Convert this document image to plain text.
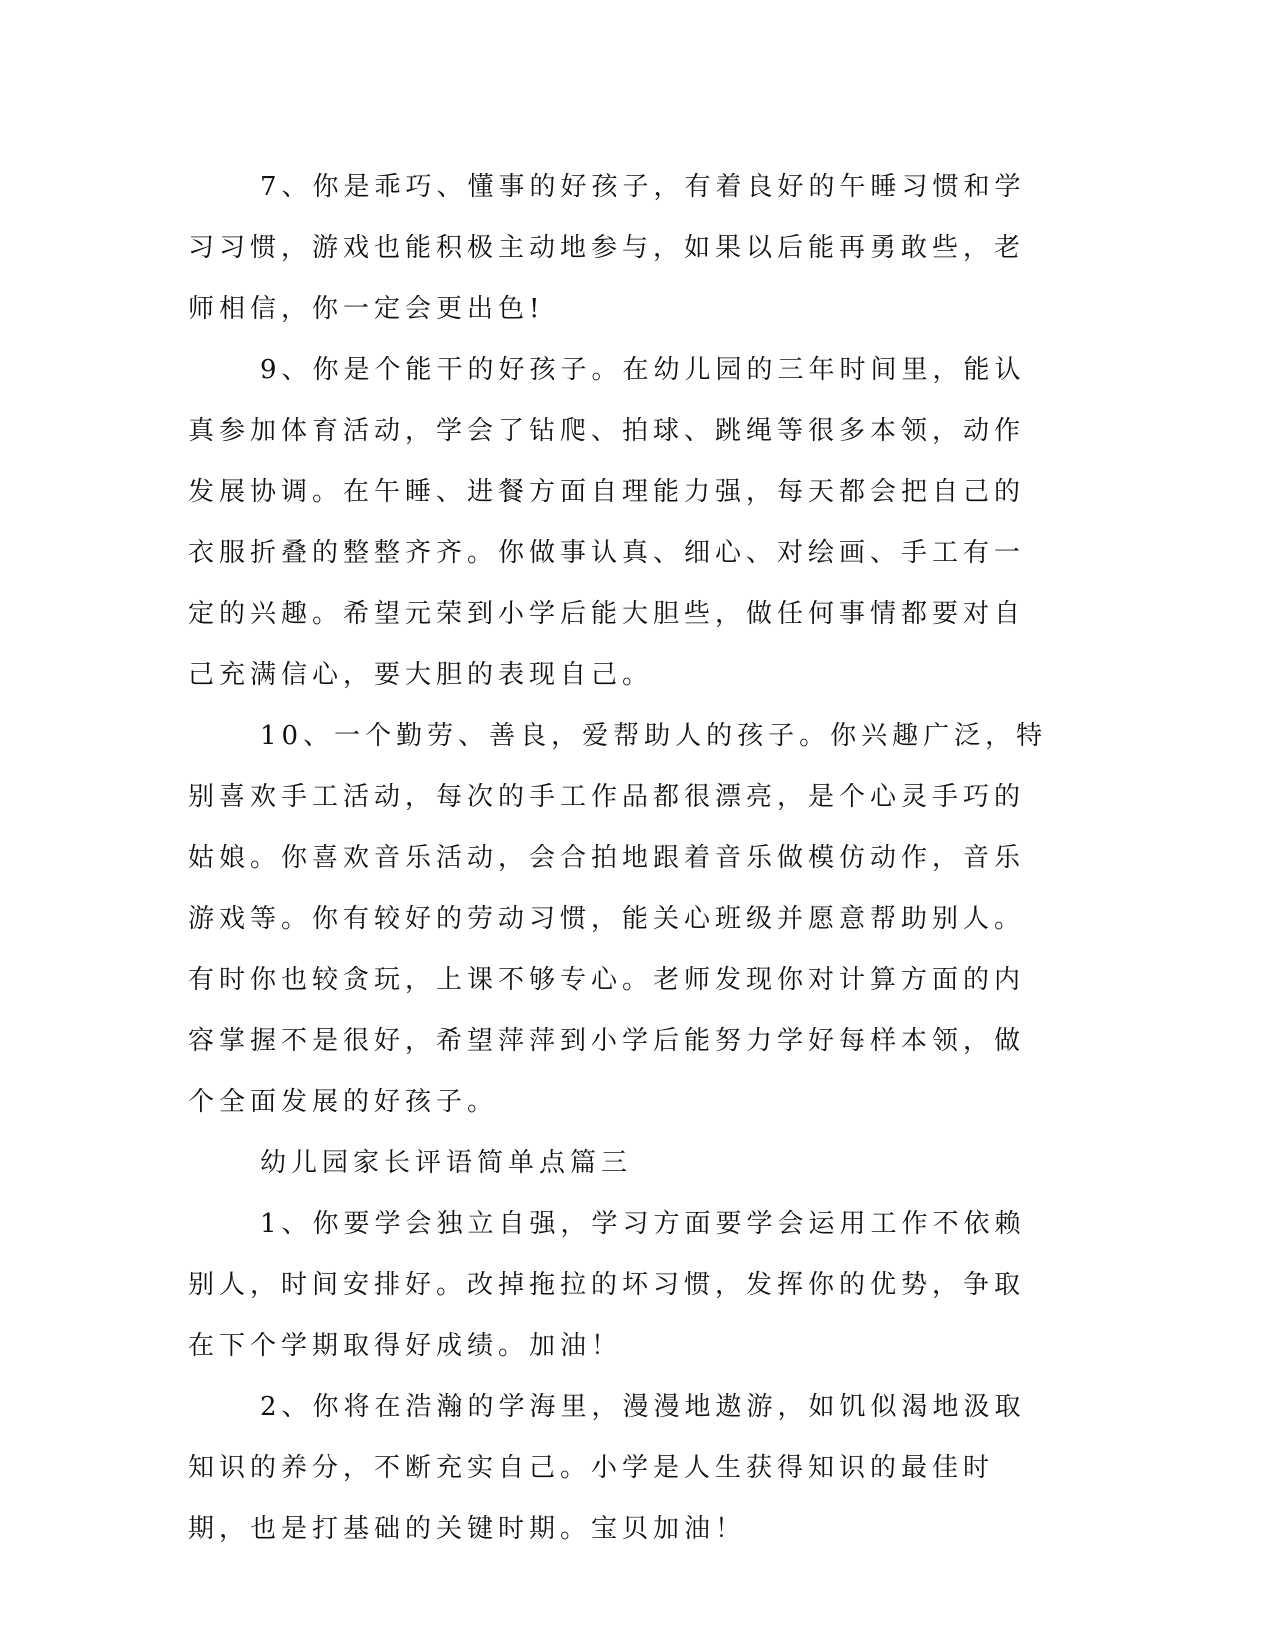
7、你是乖巧、懂事的好孩子，有着良好的午睡习惯和学习习惯，游戏也能积极主动地参与，如果以后能再勇敢些，老师相信，你一定会更出色!

9、你是个能干的好孩子。在幼儿园的三年时间里，能认真参加体育活动，学会了钻爬、拍球、跳绳等很多本领，动作发展协调。在午睡、进餐方面自理能力强，每天都会把自己的衣服折叠的整整齐齐。你做事认真、细心、对绘画、手工有一定的兴趣。希望元荣到小学后能大胆些，做任何事情都要对自己充满信心，要大胆的表现自己。

10、一个勤劳、善良，爱帮助人的孩子。你兴趣广泛，特别喜欢手工活动，每次的手工作品都很漂亮，是个心灵手巧的姑娘。你喜欢音乐活动，会合拍地跟着音乐做模仿动作，音乐游戏等。你有较好的劳动习惯，能关心班级并愿意帮助别人。有时你也较贪玩，上课不够专心。老师发现你对计算方面的内容掌握不是很好，希望萍萍到小学后能努力学好每样本领，做个全面发展的好孩子。

幼儿园家长评语简单点篇三

1、你要学会独立自强，学习方面要学会运用工作不依赖别人，时间安排好。改掉拖拉的坏习惯，发挥你的优势，争取在下个学期取得好成绩。加油！

2、你将在浩瀚的学海里，漫漫地遨游，如饥似渴地汲取知识的养分，不断充实自己。小学是人生获得知识的最佳时期，也是打基础的关键时期。宝贝加油！
